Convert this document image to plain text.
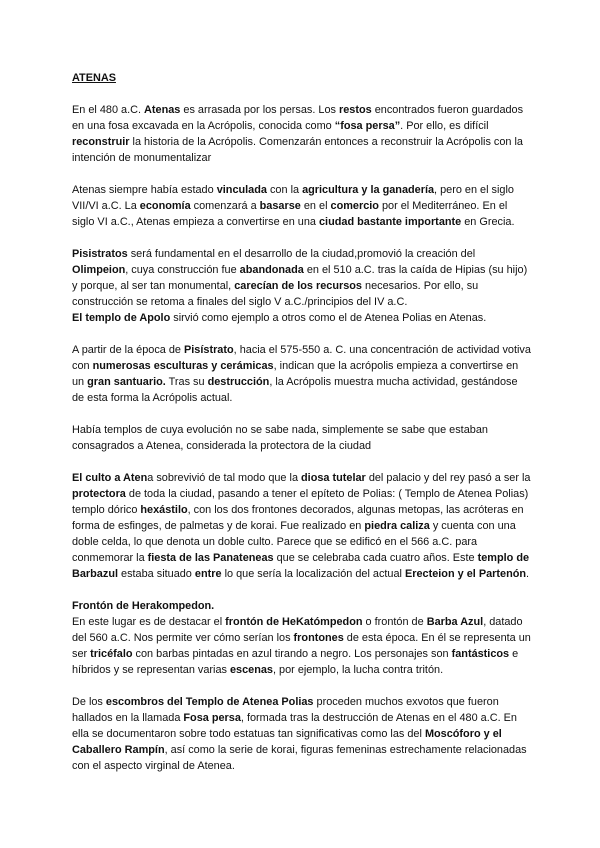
ATENAS

En el 480 a.C. Atenas es arrasada por los persas. Los restos encontrados fueron guardados en una fosa excavada en la Acrópolis, conocida como “fosa persa”. Por ello, es difícil reconstruir la historia de la Acrópolis. Comenzarán entonces a reconstruir la Acrópolis con la intención de monumentalizar

Atenas siempre había estado vinculada con la agricultura y la ganadería, pero en el siglo VII/VI a.C. La economía comenzará a basarse en el comercio por el Mediterráneo. En el siglo VI a.C., Atenas empieza a convertirse en una ciudad bastante importante en Grecia.

Pisistratos será fundamental en el desarrollo de la ciudad,promovió la creación del Olimpeion, cuya construcción fue abandonada en el 510 a.C. tras la caída de Hipias (su hijo) y porque, al ser tan monumental, carecían de los recursos necesarios. Por ello, su construcción se retoma a finales del siglo V a.C./principios del IV a.C.
El templo de Apolo sirvió como ejemplo a otros como el de Atenea Polias en Atenas.

A partir de la época de Pisístrato, hacia el 575-550 a. C. una concentración de actividad votiva con numerosas esculturas y cerámicas, indican que la acrópolis empieza a convertirse en un gran santuario. Tras su destrucción, la Acrópolis muestra mucha actividad, gestándose de esta forma la Acrópolis actual.

Había templos de cuya evolución no se sabe nada, simplemente se sabe que estaban consagrados a Atenea, considerada la protectora de la ciudad

El culto a Atena sobrevivió de tal modo que la diosa tutelar del palacio y del rey pasó a ser la protectora de toda la ciudad, pasando a tener el epíteto de Polias: ( Templo de Atenea Polias) templo dórico hexástilo, con los dos frontones decorados, algunas metopas, las acróteras en forma de esfinges, de palmetas y de korai. Fue realizado en piedra caliza y cuenta con una doble celda, lo que denota un doble culto. Parece que se edificó en el 566 a.C. para conmemorar la fiesta de las Panateneas que se celebraba cada cuatro años. Este templo de Barbazul estaba situado entre lo que sería la localización del actual Erecteion y el Partenón.

Frontón de Herakompedon.

En este lugar es de destacar el frontón de HeKatómpedon o frontón de Barba Azul, datado del 560 a.C. Nos permite ver cómo serían los frontones de esta época. En él se representa un ser tricéfalo con barbas pintadas en azul tirando a negro. Los personajes son fantásticos e híbridos y se representan varias escenas, por ejemplo, la lucha contra tritón.

De los escombros del Templo de Atenea Polias proceden muchos exvotos que fueron hallados en la llamada Fosa persa, formada tras la destrucción de Atenas en el 480 a.C. En ella se documentaron sobre todo estatuas tan significativas como las del Moscóforo y el Caballero Rampín, así como la serie de korai, figuras femeninas estrechamente relacionadas con el aspecto virginal de Atenea.
